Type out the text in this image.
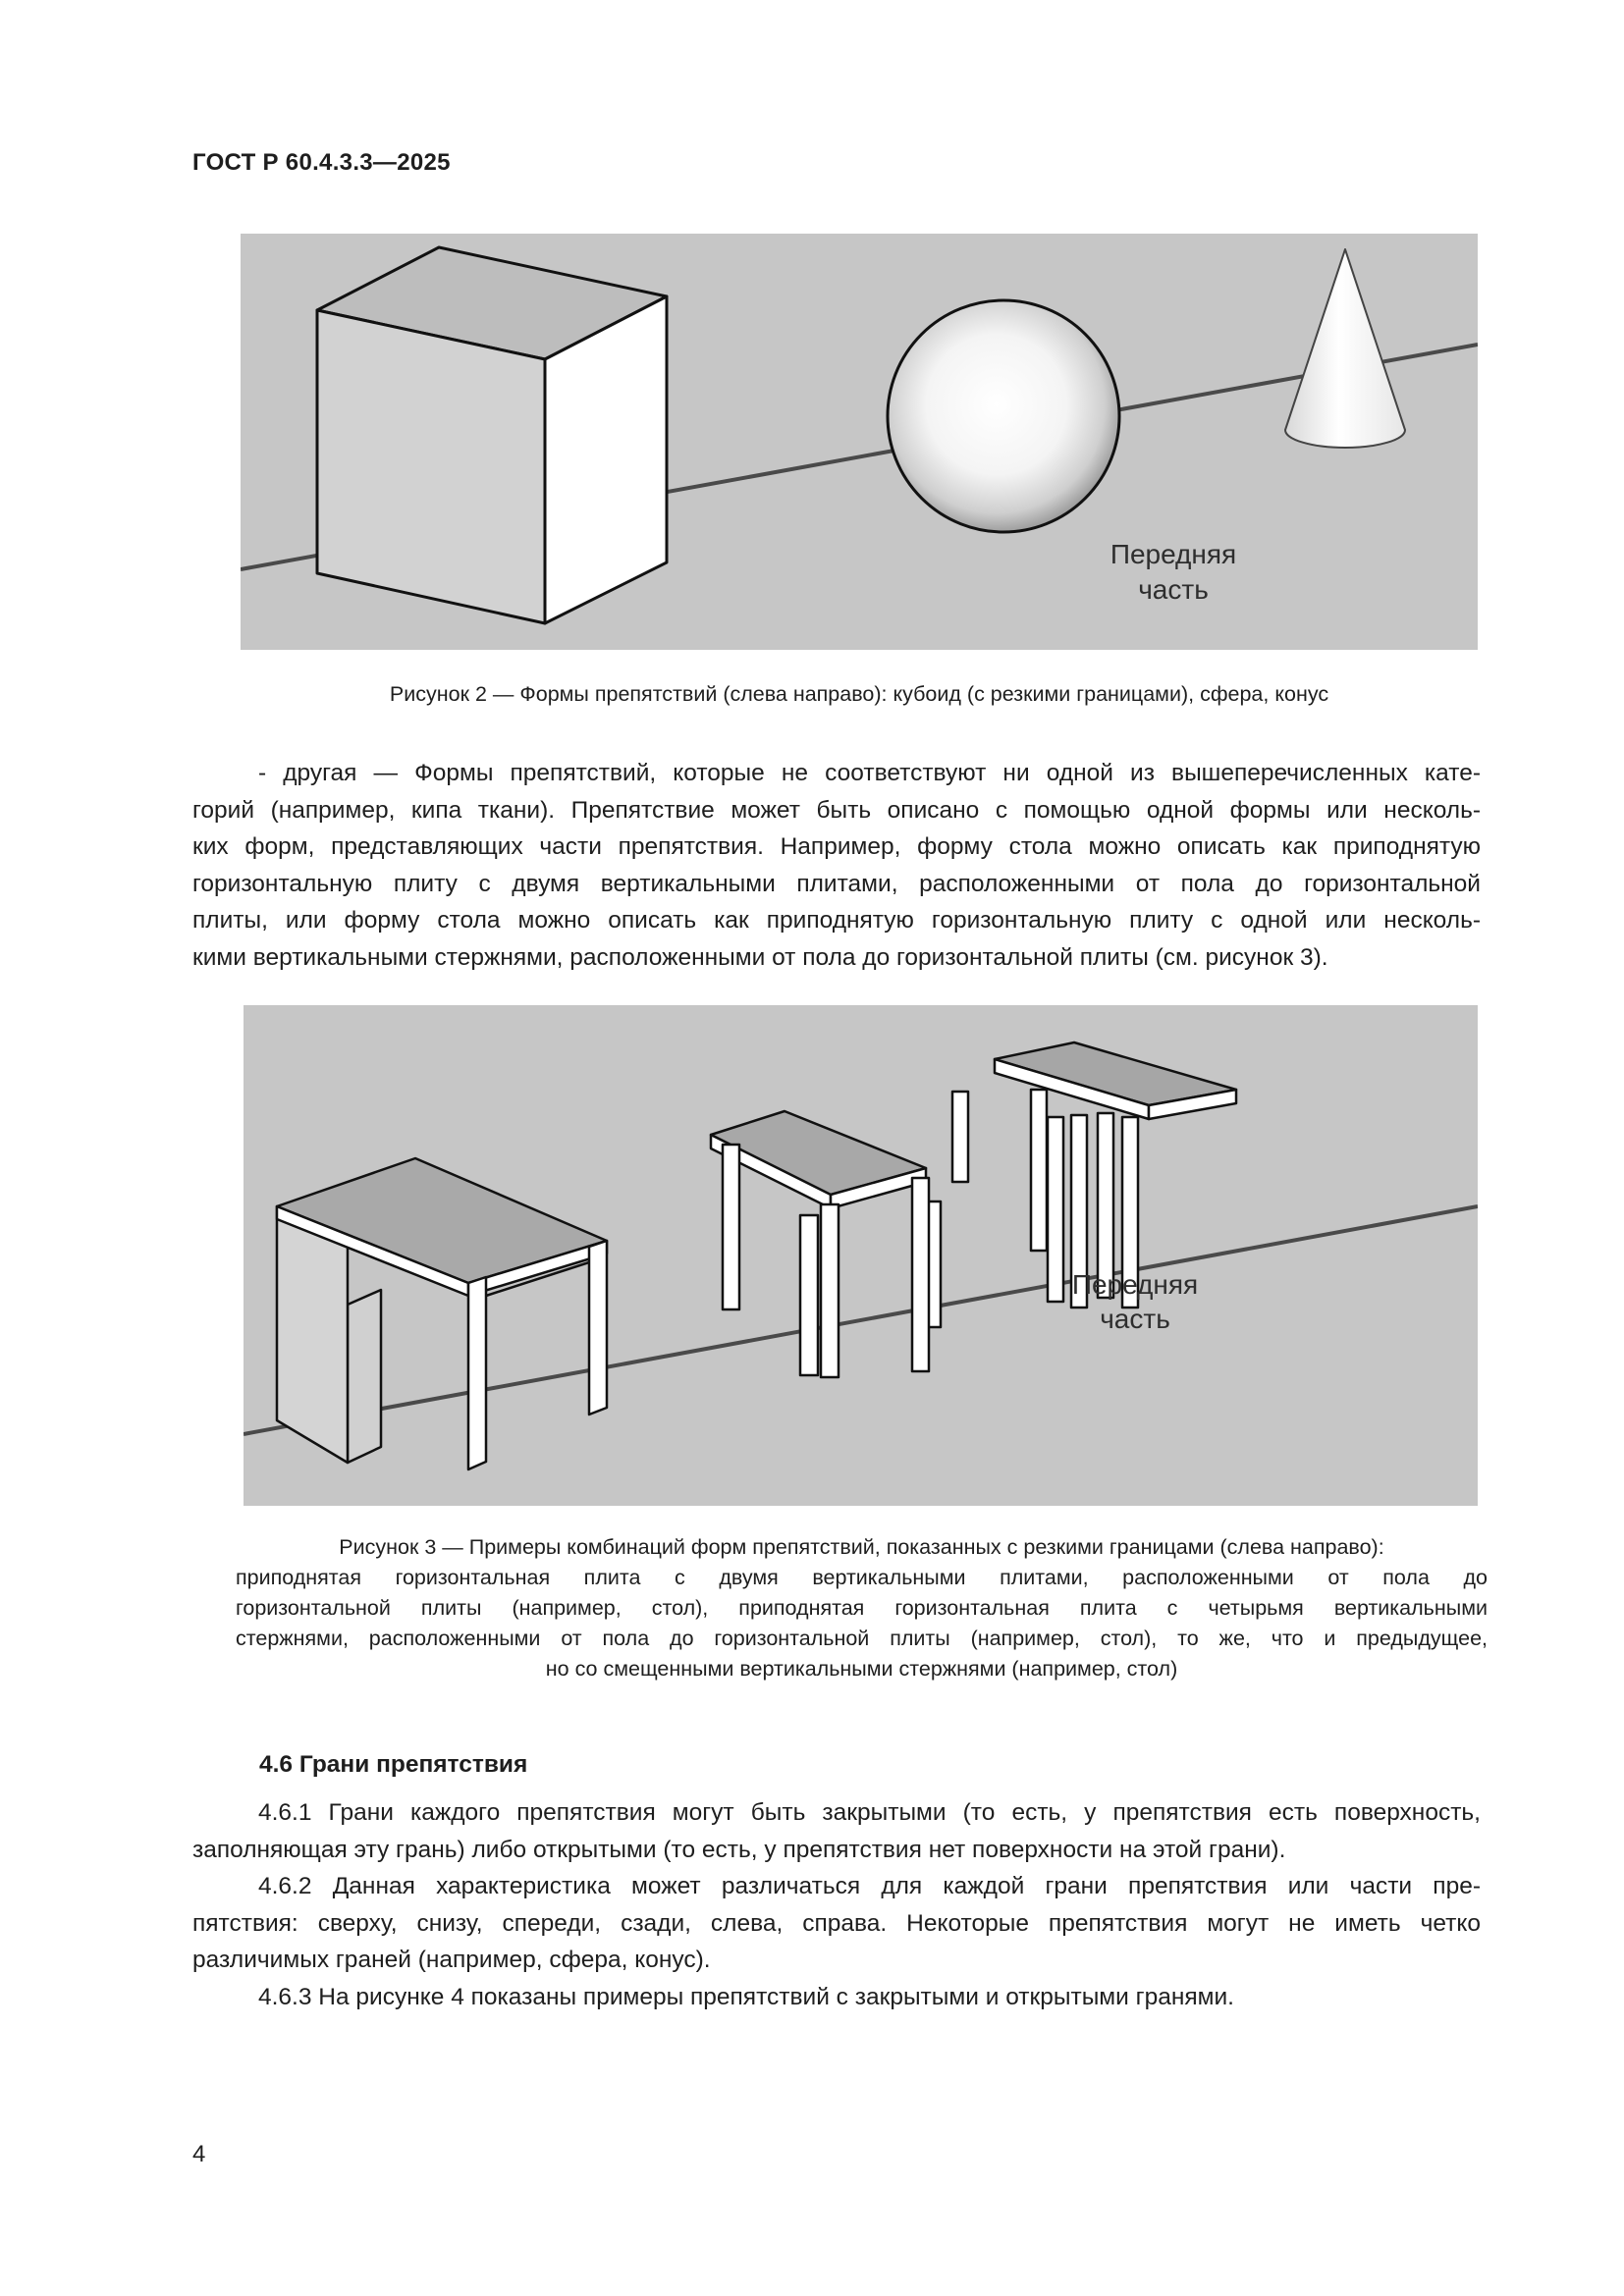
ГОСТ Р 60.4.3.3—2025
Передняя
часть
Рисунок 2 — Формы препятствий (слева направо): кубоид (с резкими границами), сфера, конус
- другая — Формы препятствий, которые не соответствуют ни одной из вышеперечисленных кате-
горий (например, кипа ткани). Препятствие может быть описано с помощью одной формы или несколь-
ких форм, представляющих части препятствия. Например, форму стола можно описать как приподнятую
горизонтальную плиту с двумя вертикальными плитами, расположенными от пола до горизонтальной
плиты, или форму стола можно описать как приподнятую горизонтальную плиту с одной или несколь-
кими вертикальными стержнями, расположенными от пола до горизонтальной плиты (см. рисунок 3).
Передняя
часть
Рисунок 3 — Примеры комбинаций форм препятствий, показанных с резкими границами (слева направо):
приподнятая горизонтальная плита с двумя вертикальными плитами, расположенными от пола до
горизонтальной плиты (например, стол), приподнятая горизонтальная плита с четырьмя вертикальными
стержнями, расположенными от пола до горизонтальной плиты (например, стол), то же, что и предыдущее,
но со смещенными вертикальными стержнями (например, стол)
4.6 Грани препятствия
4.6.1 Грани каждого препятствия могут быть закрытыми (то есть, у препятствия есть поверхность,
заполняющая эту грань) либо открытыми (то есть, у препятствия нет поверхности на этой грани).
4.6.2 Данная характеристика может различаться для каждой грани препятствия или части пре-
пятствия: сверху, снизу, спереди, сзади, слева, справа. Некоторые препятствия могут не иметь четко
различимых граней (например, сфера, конус).
4.6.3 На рисунке 4 показаны примеры препятствий с закрытыми и открытыми гранями.
4
